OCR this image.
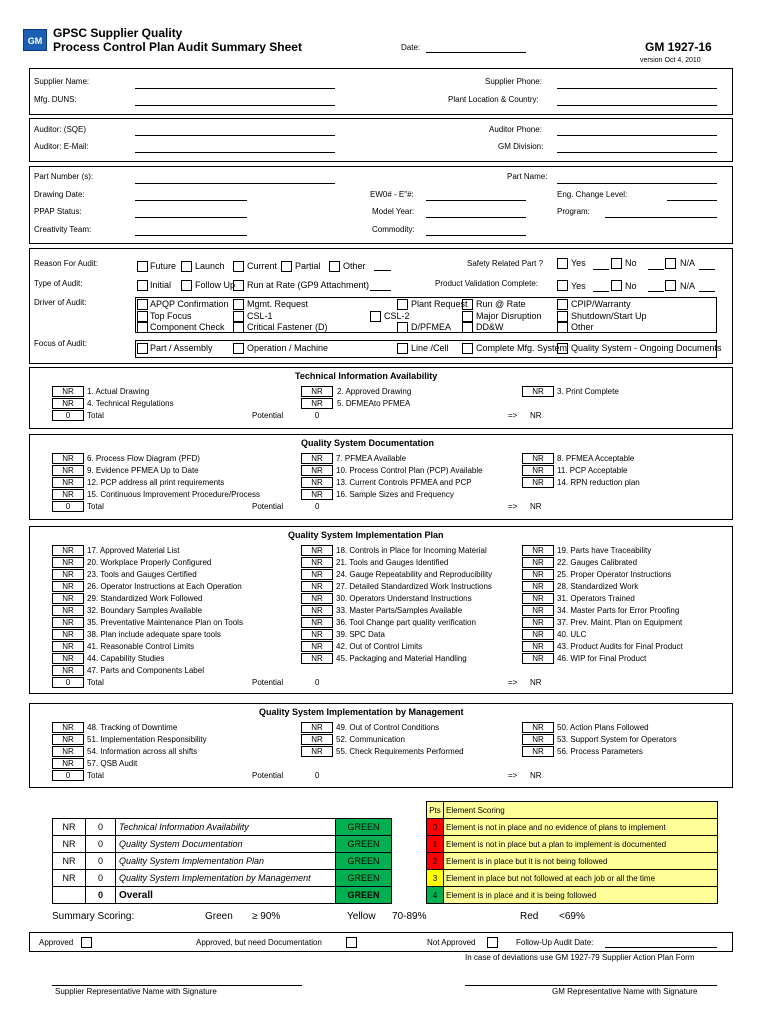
GM
GPSC Supplier Quality
Process Control Plan Audit Summary Sheet	Date:	GM 1927-16
version Oct 4, 2010
Supplier Name:
Mfg. DUNS:
Supplier Phone:
Plant Location & Country:
Auditor: (SQE)
Auditor: E-Mail:
Auditor Phone:
GM Division:
Part Number (s):	Part Name:
Drawing Date:	EW0# - E"#:	Eng. Change Level:
PPAP Status:	Model Year:	Program:
Creativity Team:	Commodity:
Reason For Audit:	Future	Launch	Current	Partial	Other
Type of Audit:	Initial	Follow Up Run at Rate (GP9 Attachment)
Driver of Audit:	APQP Confirmation Mgmt. Request	Plant Request Run @ Rate	CPIP/Warranty
Top Focus	CSL-1	CSL-2	Major Disruption	Shutdown/Start Up
Component Check	Critical Fastener (D)	D/PFMEA	DD&W	Other
Focus of Audit:	Part / Assembly	Operation / Machine	Line /Cell	Complete Mfg. System Quality System - Ongoing Documents
Safety Related Part ?	Yes	No	N/A
Product Validation Complete:	Yes	No	N/A
Technical Information Availability
NR	1. Actual Drawing	NR	2. Approved Drawing	NR	3. Print Complete
NR	4. Technical Regulations	NR	5. DFMEAto PFMEA
0	Total	Potential	0	=> NR
Quality System Documentation
NR	6. Process Flow Diagram (PFD)	NR	7. PFMEA Available	NR	8. PFMEA Acceptable
NR	9. Evidence PFMEA Up to Date	NR	10. Process Control Plan (PCP) Available	NR	11. PCP Acceptable
NR	12. PCP address all print requirements	NR	13. Current Controls PFMEA and PCP	NR	14. RPN reduction plan
NR	15. Continuous Improvement Procedure/Process	NR	16. Sample Sizes and Frequency
0	Total	Potential	0	=> NR
Quality System Implementation Plan
NR	17. Approved Material List	NR	18. Controls in Place for Incoming Material	NR	19. Parts have Traceability
NR	20. Workplace Properly Configured	NR	21. Tools and Gauges Identified	NR	22. Gauges Calibrated
NR	23. Tools and Gauges Certified	NR	24. Gauge Repeatability and Reproducibility	NR	25. Proper Operator Instructions
NR	26. Operator Instructions at Each Operation	NR	27. Detailed Standardized Work Instructions	NR	28. Standardized Work
NR	29. Standardized Work Followed	NR	30. Operators Understand Instructions	NR	31. Operators Trained
NR	32. Boundary Samples Available	NR	33. Master Parts/Samples Available	NR	34. Master Parts for Error Proofing
NR	35. Preventative Maintenance Plan on Tools	NR	36. Tool Change part quality verification	NR	37. Prev. Maint. Plan on Equipment
NR	38. Plan include adequate spare tools	NR	39. SPC Data	NR	40. ULC
NR	41. Reasonable Control Limits	NR	42. Out of Control Limits	NR	43. Product Audits for Final Product
NR	44. Capability Studies	NR	45. Packaging and Material Handling	NR	46. WIP for Final Product
NR	47. Parts and Components Label
0	Total	Potential	0	=> NR
Quality System Implementation by Management
NR	48. Tracking of Downtime	NR	49. Out of Control Conditions	NR	50. Action Plans Followed
NR	51. Implementation Responsibility	NR	52. Communication	NR	53. Support System for Operators
NR	54. Information across all shifts	NR	55. Check Requirements Performed	NR	56. Process Parameters
NR	57. QSB Audit
0	Total	Potential	0	=> NR
NR	0	Technical Information Availability	GREEN
NR	0	Quality System Documentation	GREEN
NR	0	Quality System Implementation Plan	GREEN
NR	0	Quality System Implementation by Management	GREEN
	0	Overall	GREEN
Pts	Element Scoring
0	Element is not in place and no evidence of plans to implement
1	Element is not in place but a plan to implement is documented
2	Element is in place but it is not being followed
3	Element in place but not followed at each job or all the time
4	Element is in place and it is being followed
Summary Scoring:	Green ≥ 90%	Yellow 70-89%	Red <69%
Approved	Approved, but need Documentation	Not Approved	Follow-Up Audit Date:
In case of deviations use GM 1927-79 Supplier Action Plan Form
Supplier Representative Name with Signature	GM Representative Name with Signature
